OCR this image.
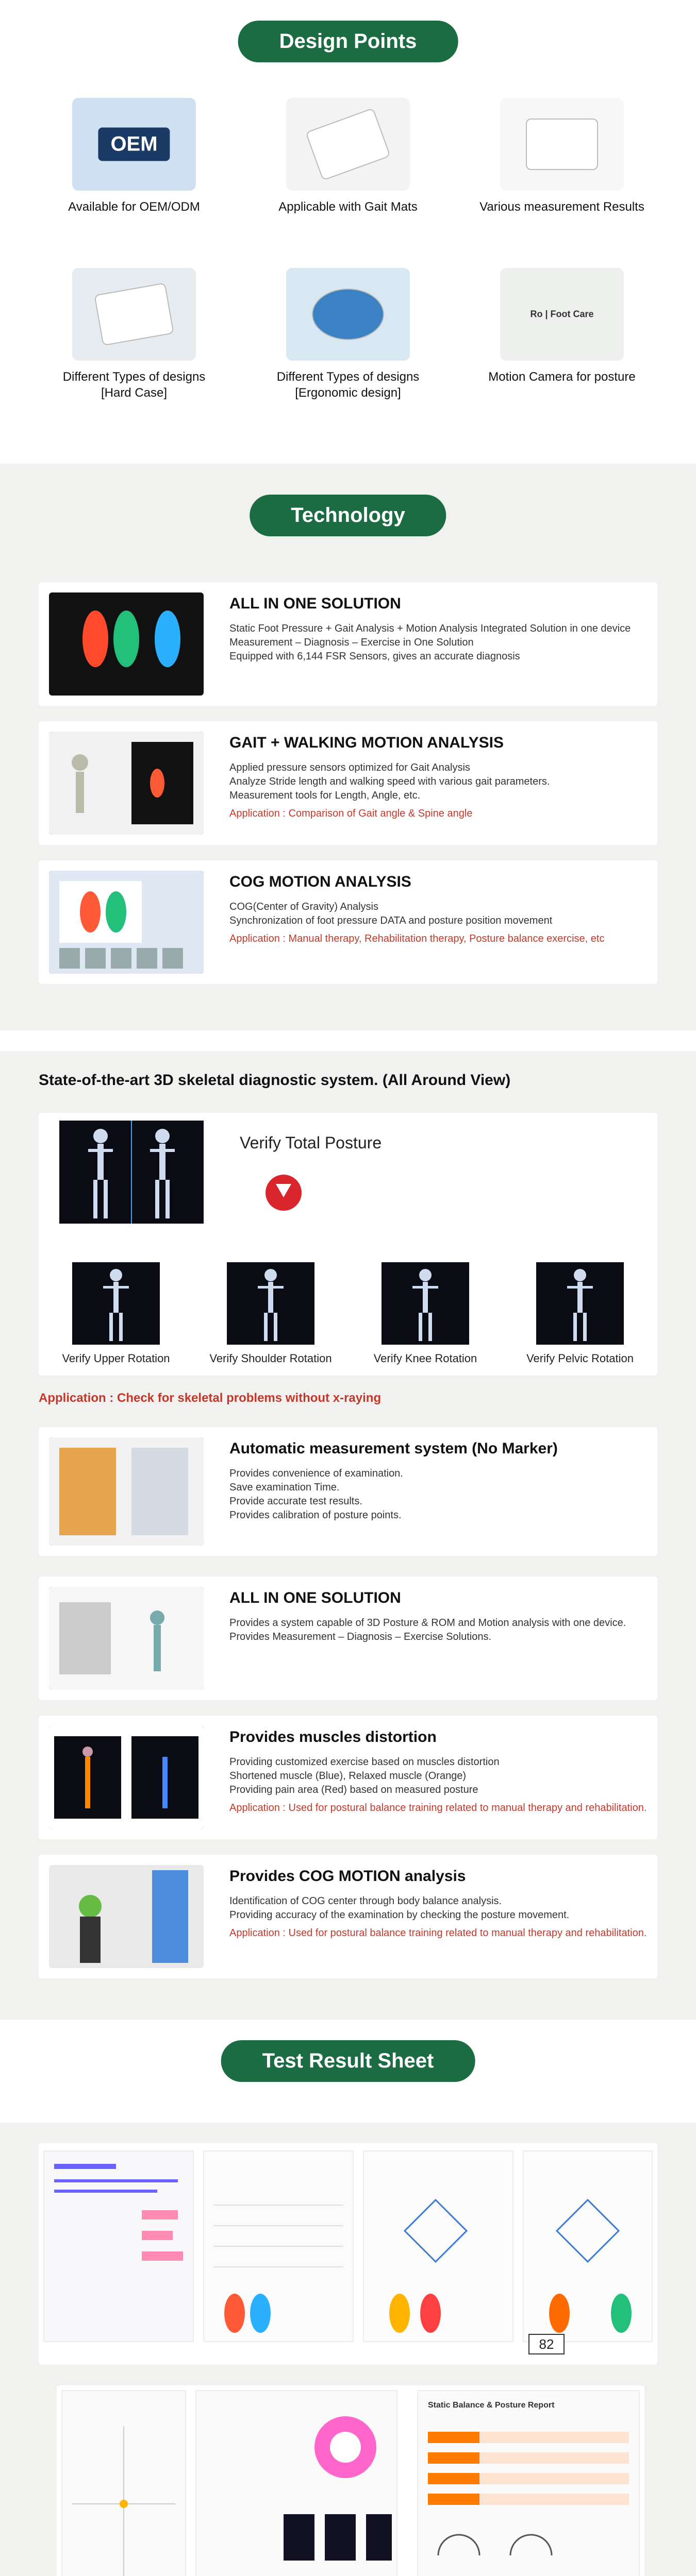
Design Points
Technology
State-of-the-art 3D skeletal diagnostic system. (All Around View)
Verify Total Posture
Verify Upper Rotation	Verify Shoulder Rotation	Verify Knee Rotation	Verify Pelvic Rotation
Application : Check for skeletal problems without x-raying
Test Result Sheet
82
Static Balance & Posture Report
OEM
Available for OEM/ODM	Applicable with Gait Mats	Various measurement Results
Different Types of designs
[Hard Case]
Different Types of designs
[Ergonomic design]
Ro | Foot Care
Motion Camera for posture
ALL IN ONE SOLUTION
Static Foot Pressure + Gait Analysis + Motion Analysis Integrated Solution in one device
Measurement – Diagnosis – Exercise in One Solution
Equipped with 6,144 FSR Sensors, gives an accurate diagnosis
GAIT + WALKING MOTION ANALYSIS
Applied pressure sensors optimized for Gait Analysis
Analyze Stride length and walking speed with various gait parameters.
Measurement tools for Length, Angle, etc.
Application : Comparison of Gait angle & Spine angle
COG MOTION ANALYSIS
COG(Center of Gravity) Analysis
Synchronization of foot pressure DATA and posture position movement
Application : Manual therapy, Rehabilitation therapy, Posture balance exercise, etc
Automatic measurement system (No Marker)
Provides convenience of examination.
Save examination Time.
Provide accurate test results.
Provides calibration of posture points.
ALL IN ONE SOLUTION
Provides a system capable of 3D Posture & ROM and Motion analysis with one device.
Provides Measurement – Diagnosis – Exercise Solutions.
Provides muscles distortion
Providing customized exercise based on muscles distortion
Shortened muscle (Blue), Relaxed muscle (Orange)
Providing pain area (Red) based on measured posture
Application : Used for postural balance training related to manual therapy and rehabilitation.
Provides COG MOTION analysis
Identification of COG center through body balance analysis.
Providing accuracy of the examination by checking the posture movement.
Application : Used for postural balance training related to manual therapy and rehabilitation.
